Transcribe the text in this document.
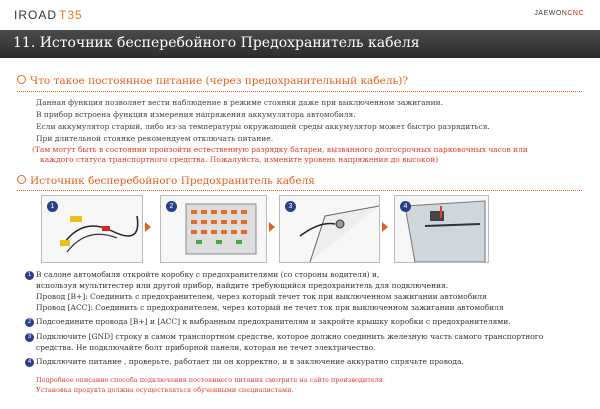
IROAD T35	JAEWONCNC
11. Источник бесперебойного Предохранитель кабеля
Что такое постоянное питание (через предохранительный кабель)?
Данная функция позволяет вести наблюдение в режиме стоянки даже при выключенном зажигании.
В прибор встроена функция измерения напряжения аккумулятора автомобиля.
Если аккумулятор старый, либо из-за температуры окружающей среды аккумулятор может быстро разрядиться.
При длительной стоянке рекомендуем отключать питание.
(Там могут быть в состоянии произойти естественную разрядку батареи, вызванного долгосрочных парковочных часов или
каждого статуса транспортного средства. Пожалуйста, измените уровень напряжения до высокой)
Источник бесперебойного Предохранитель кабеля
1	2	3	4
1 В салоне автомобиля откройте коробку с предохранителями (со стороны водителя) и,
используя мультитестер или другой прибор, найдите требующийся предохранитель для подключения.
Провод [B+]: Соединить с предохранителем, через который течет ток при выключенном зажигании автомобиля
Провод [ACC]: Соединить с предохранителем, через который не течет ток при выключенном зажигании автомобиля
2 Подсоедините провода [B+] и [ACC] к выбранным предохранителям и закройте крышку коробки с предохранителями.
3 Подключите [GND] строку в самом транспортном средстве, которое должно соединить железную часть самого транспортного
средства. Не подключайте болт приборной панели, которая не течет электричество.
4 Подключите питание , проверьте, работает ли он корректно, и в заключение аккуратно спрячьте провода.
Подробное описание способа подключения постоянного питания смотрите на сайте производителя.
Установка продукта должна осуществляться обученными специалистами.
